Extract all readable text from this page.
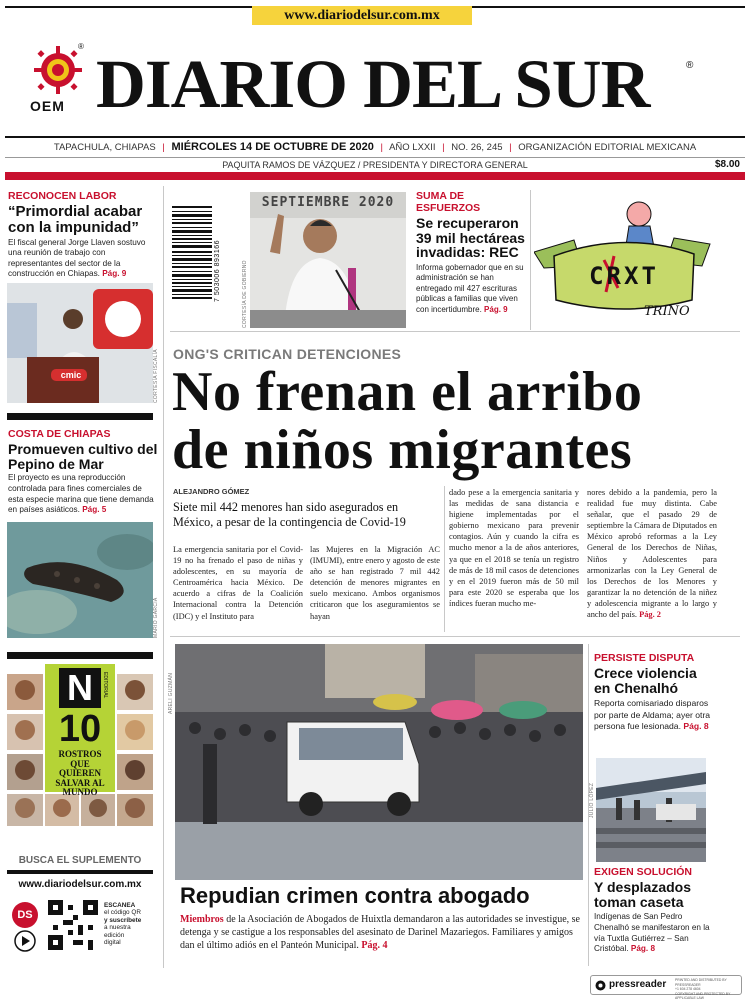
www.diariodelsur.com.mx
®
OEM DIARIO DEL SUR	®
TAPACHULA, CHIAPAS | MIÉRCOLES 14 DE OCTUBRE DE 2020 | AÑO LXXII | NO. 26, 245 | ORGANIZACIÓN EDITORIAL MEXICANA
PAQUITA RAMOS DE VÁZQUEZ / PRESIDENTA Y DIRECTORA GENERAL	$8.00
RECONOCEN LABOR
“Primordial acabar con la impunidad”
El fiscal general Jorge Llaven sostuvo una reunión de trabajo con representantes del sector de la construcción en Chiapas. Pág. 9
cmic	CORTESÍA FISCALÍA
COSTA DE CHIAPAS
Promueven cultivo del Pepino de Mar
El proyecto es una reproducción controlada para fines comerciales de esta especie marina que tiene demanda en países asiáticos. Pág. 5
MARIO GARCÍA
N	EDITORIAL
10
ROSTROS
QUE
QUIEREN
SALVAR AL
MUNDO
BUSCA EL SUPLEMENTO
www.diariodelsur.com.mx
DS
ESCANEA
el código QR
y suscríbete
a nuestra
edición
digital
7 503006 893166
SEPTIEMBRE 2020
CORTESÍA DE GOBIERNO
SUMA DE ESFUERZOS
Se recuperaron 39 mil hectáreas invadidas: REC
Informa gobernador que en su administración se han entregado mil 427 escrituras públicas a familias que viven con incertidumbre. Pág. 9
CRXT
TRINO
ONG'S CRITICAN DETENCIONES
No frenan el arribo
de niños migrantes
ALEJANDRO GÓMEZ
Siete mil 442 menores han sido asegurados en México, a pesar de la contingencia de Covid-19
La emergencia sanitaria por el Covid-19 no ha frenado el paso de niñas y adolescentes, en su mayoría de Centroamérica hacia México. De acuerdo a cifras de la Coalición Internacional contra la Detención (IDC) y el Instituto para
las Mujeres en la Migración AC (IMUMI), entre enero y agosto de este año se han registrado 7 mil 442 detención de menores migrantes en suelo mexicano. Ambos organismos criticaron que los aseguramientos se hayan
dado pese a la emergencia sanitaria y las medidas de sana distancia e higiene implementadas por el gobierno mexicano para prevenir contagios. Aún y cuando la cifra es mucho menor a la de años anteriores, ya que en el 2018 se tenía un registro de más de 18 mil casos de detenciones y en el 2019 fueron más de 50 mil para este 2020 se esperaba que los índices fueran mucho me-
nores debido a la pandemia, pero la realidad fue muy distinta. Cabe señalar, que el pasado 29 de septiembre la Cámara de Diputados en México aprobó reformas a la Ley General de los Derechos de Niñas, Niños y Adolescentes para armonizarlas con la Ley General de los Derechos de los Menores y garantizar la no detención de la niñez y adolescencia migrante a lo largo y ancho del país. Pág. 2
ARELI GUZMÁN
Repudian crimen contra abogado
Miembros de la Asociación de Abogados de Huixtla demandaron a las autoridades se investigue, se detenga y se castigue a los responsables del asesinato de Darinel Mazariegos. Familiares y amigos dan el último adiós en el Panteón Municipal. Pág. 4
PERSISTE DISPUTA
Crece violencia en Chenalhó
Reporta comisariado disparos por parte de Aldama; ayer otra persona fue lesionada. Pág. 8
JULIO LÓPEZ
EXIGEN SOLUCIÓN
Y desplazados toman caseta
Indígenas de San Pedro Chenalhó se manifestaron en la vía Tuxtla Gutiérrez – San Cristóbal. Pág. 8
pressreader	PRINTED AND DISTRIBUTED BY PRESSREADER
+1 604 278 4604
COPYRIGHT AND PROTECTED BY APPLICABLE LAW
